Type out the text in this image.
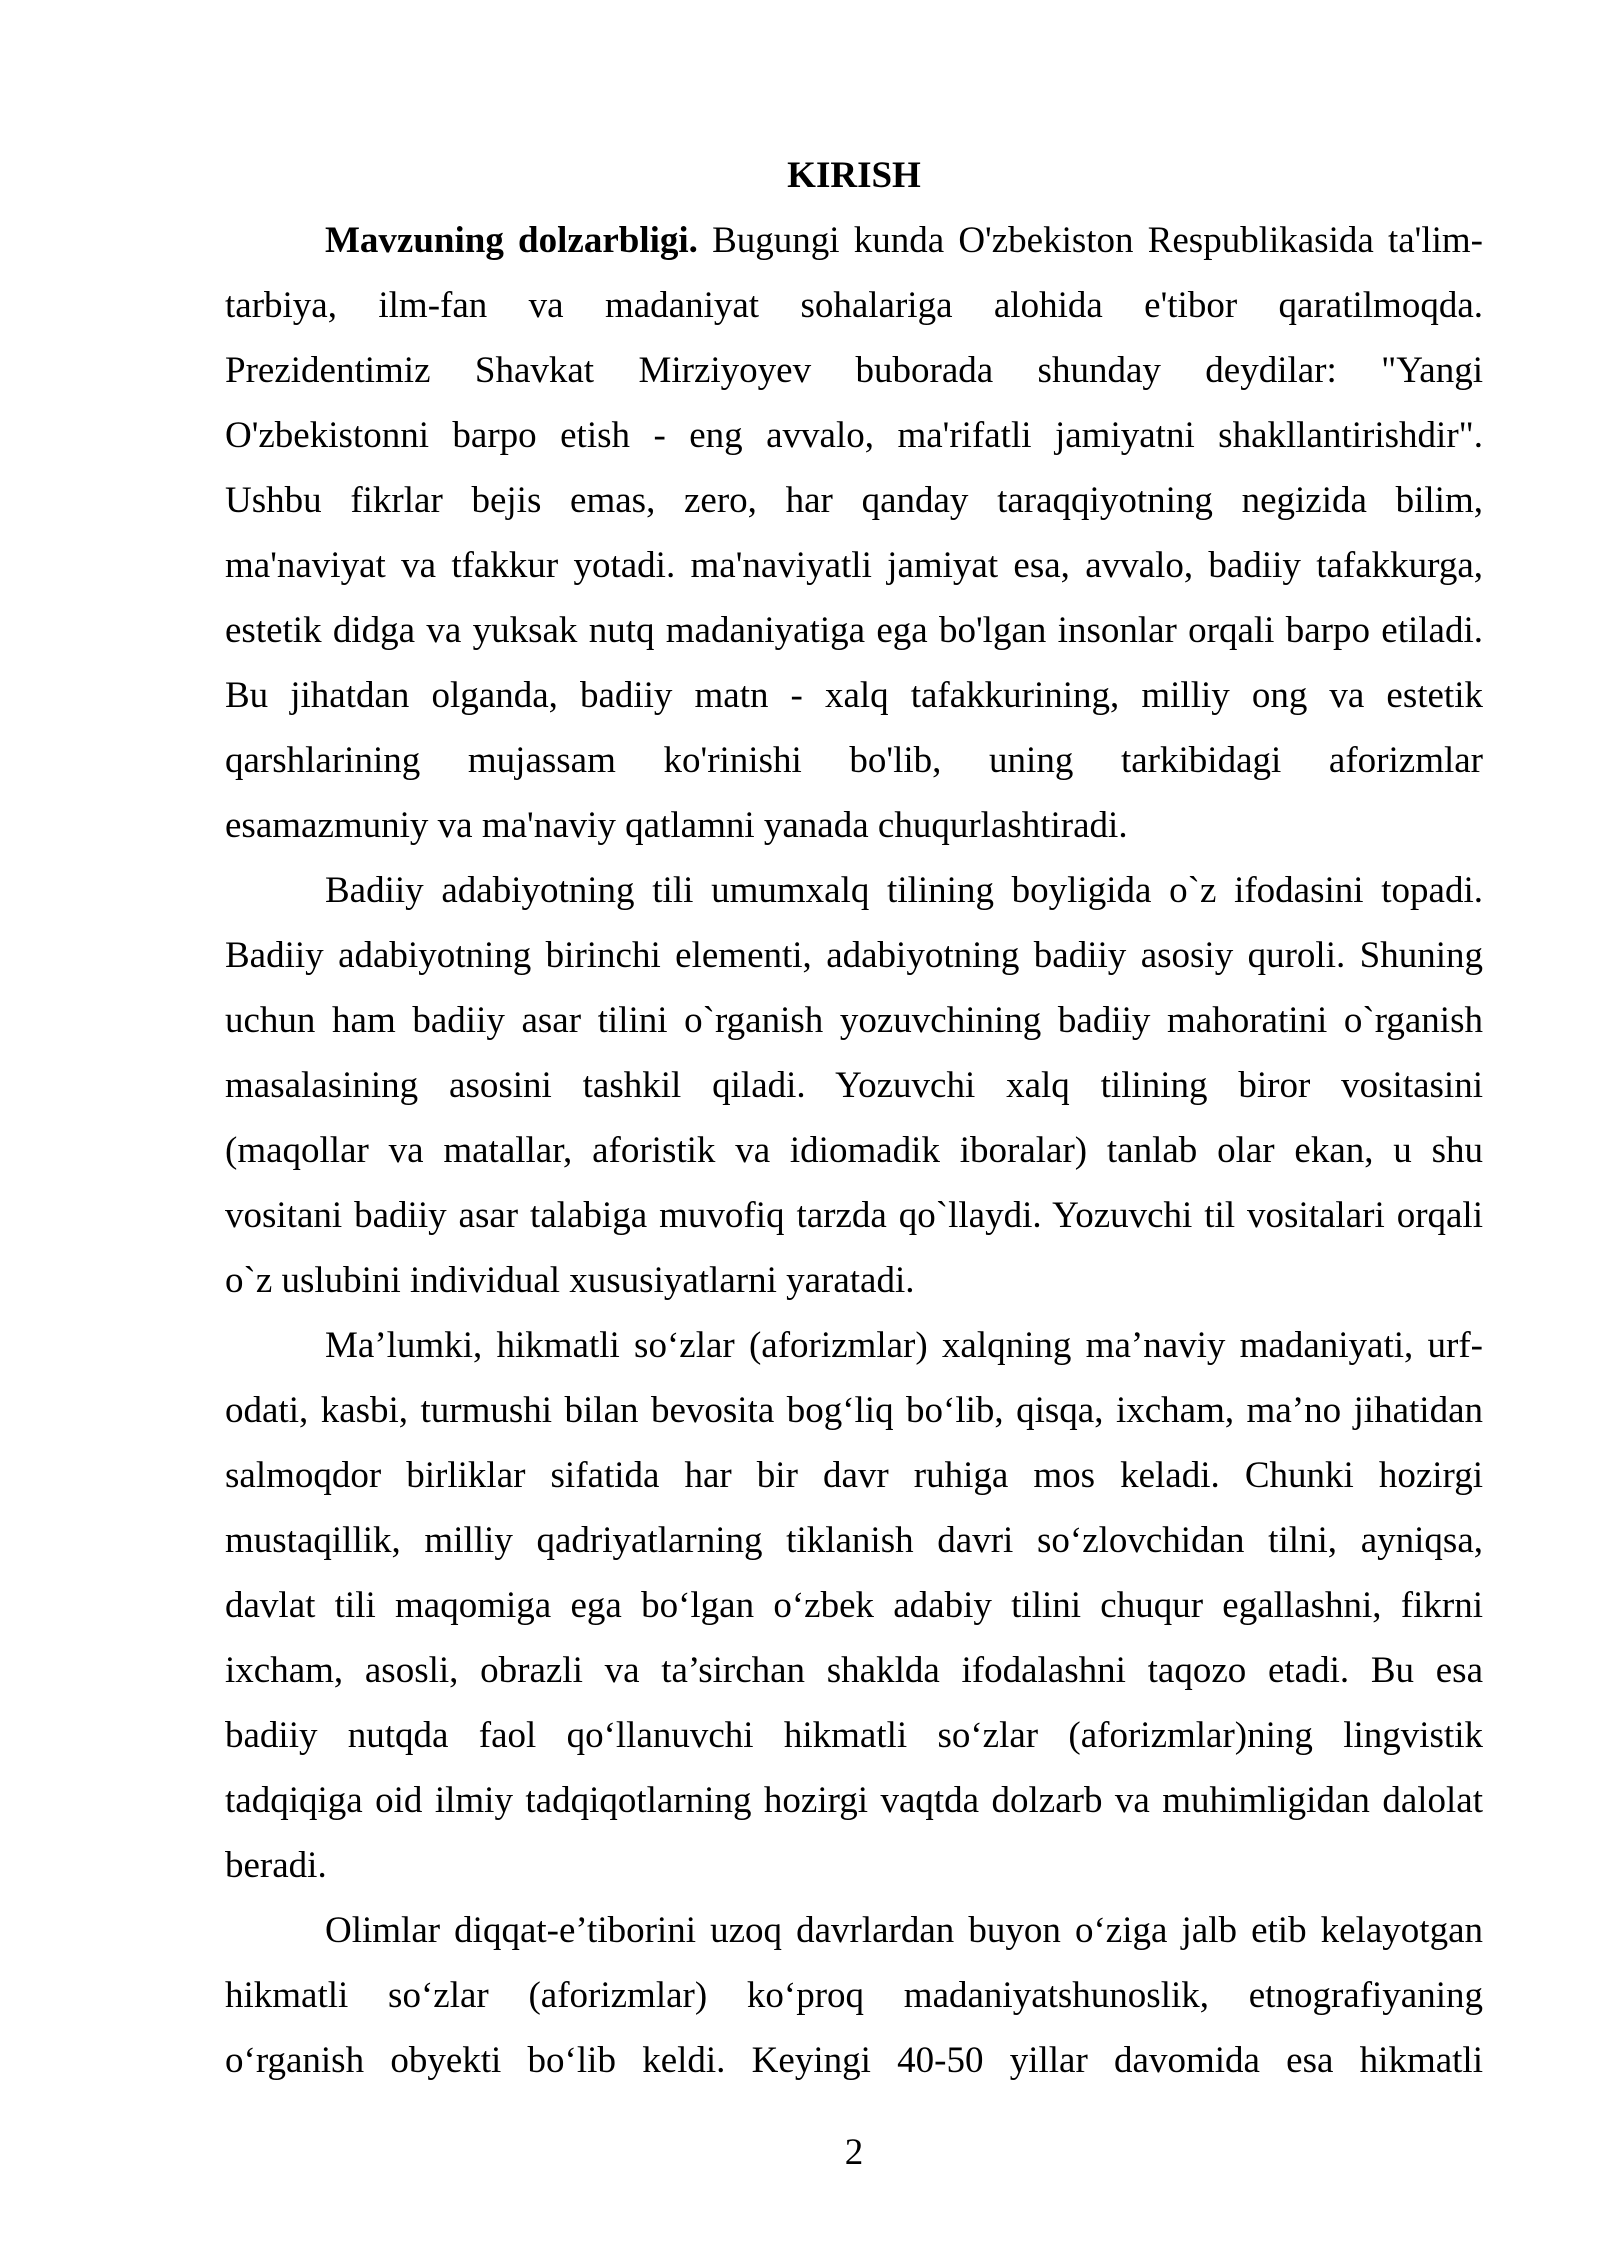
KIRISH
Mavzuning dolzarbligi. Bugungi kunda O'zbekiston Respublikasida ta'lim-
tarbiya, ilm-fan va madaniyat sohalariga alohida e'tibor qaratilmoqda.
Prezidentimiz Shavkat Mirziyoyev buborada shunday deydilar: "Yangi
O'zbekistonni barpo etish - eng avvalo, ma'rifatli jamiyatni shakllantirishdir".
Ushbu fikrlar bejis emas, zero, har qanday taraqqiyotning negizida bilim,
ma'naviyat va tfakkur yotadi. ma'naviyatli jamiyat esa, avvalo, badiiy tafakkurga,
estetik didga va yuksak nutq madaniyatiga ega bo'lgan insonlar orqali barpo etiladi.
Bu jihatdan olganda, badiiy matn - xalq tafakkurining, milliy ong va estetik
qarshlarining mujassam ko'rinishi bo'lib, uning tarkibidagi aforizmlar
esamazmuniy va ma'naviy qatlamni yanada chuqurlashtiradi.
Badiiy adabiyotning tili umumxalq tilining boyligida o`z ifodasini topadi.
Badiiy adabiyotning birinchi elementi, adabiyotning badiiy asosiy quroli. Shuning
uchun ham badiiy asar tilini o`rganish yozuvchining badiiy mahoratini o`rganish
masalasining asosini tashkil qiladi. Yozuvchi xalq tilining biror vositasini
(maqollar va matallar, aforistik va idiomadik iboralar) tanlab olar ekan, u shu
vositani badiiy asar talabiga muvofiq tarzda qo`llaydi. Yozuvchi til vositalari orqali
o`z uslubini individual xususiyatlarni yaratadi.
Ma’lumki, hikmatli soʻzlar (aforizmlar) xalqning ma’naviy madaniyati, urf-
odati, kasbi, turmushi bilan bevosita bogʻliq boʻlib, qisqa, ixcham, ma’no jihatidan
salmoqdor birliklar sifatida har bir davr ruhiga mos keladi. Chunki hozirgi
mustaqillik, milliy qadriyatlarning tiklanish davri soʻzlovchidan tilni, ayniqsa,
davlat tili maqomiga ega boʻlgan oʻzbek adabiy tilini chuqur egallashni, fikrni
ixcham, asosli, obrazli va ta’sirchan shaklda ifodalashni taqozo etadi. Bu esa
badiiy nutqda faol qoʻllanuvchi hikmatli soʻzlar (aforizmlar)ning lingvistik
tadqiqiga oid ilmiy tadqiqotlarning hozirgi vaqtda dolzarb va muhimligidan dalolat
beradi.
Olimlar diqqat-e’tiborini uzoq davrlardan buyon oʻziga jalb etib kelayotgan
hikmatli soʻzlar (aforizmlar) koʻproq madaniyatshunoslik, etnografiyaning
oʻrganish obyekti boʻlib keldi. Keyingi 40-50 yillar davomida esa hikmatli
2
